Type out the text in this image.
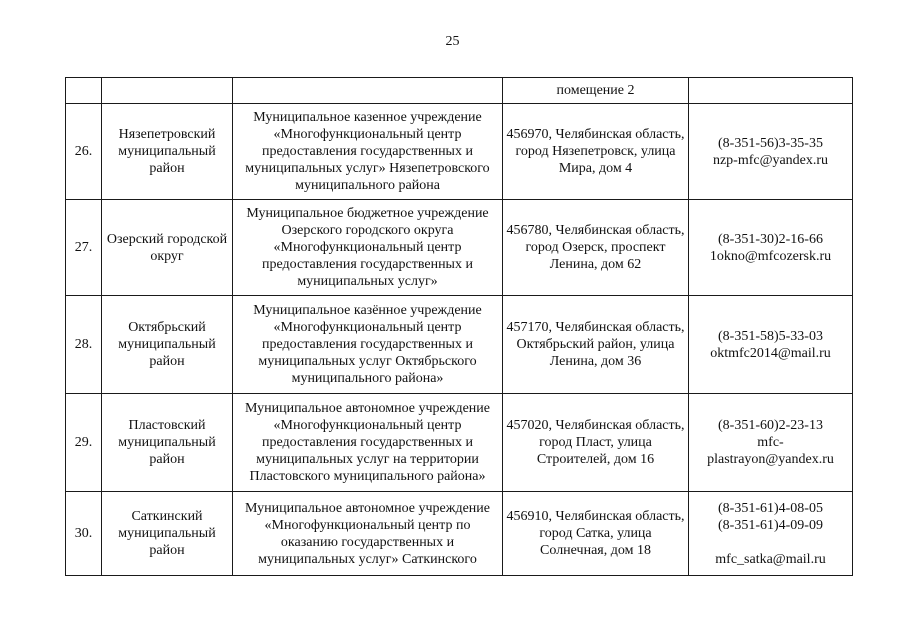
25
			помещение 2	
26.	Нязепетровский муниципальный район	Муниципальное казенное учреждение «Многофункциональный центр предоставления государственных и муниципальных услуг» Нязепетровского муниципального района	456970, Челябинская область, город Нязепетровск, улица Мира, дом 4	(8-351-56)3-35-35
nzp-mfc@yandex.ru

27.	Озерский городской округ	Муниципальное бюджетное учреждение Озерского городского округа «Многофункциональный центр предоставления государственных и муниципальных услуг»	456780, Челябинская область, город Озерск, проспект Ленина, дом 62	(8-351-30)2-16-66
1okno@mfcozersk.ru

28.	Октябрьский муниципальный район	Муниципальное казённое учреждение «Многофункциональный центр предоставления государственных и муниципальных услуг Октябрьского муниципального района»	457170, Челябинская область, Октябрьский район, улица Ленина, дом 36	(8-351-58)5-33-03
oktmfc2014@mail.ru

29.	Пластовский муниципальный район	Муниципальное автономное учреждение «Многофункциональный центр предоставления государственных и муниципальных услуг на территории Пластовского муниципального района»	457020, Челябинская область, город Пласт, улица Строителей, дом 16	(8-351-60)2-23-13
mfc-
plastrayon@yandex.ru

30.	Саткинский муниципальный район	Муниципальное автономное учреждение «Многофункциональный центр по оказанию государственных и муниципальных услуг» Саткинского	456910, Челябинская область, город Сатка, улица Солнечная, дом 18	(8-351-61)4-08-05
(8-351-61)4-09-09
mfc_satka@mail.ru
